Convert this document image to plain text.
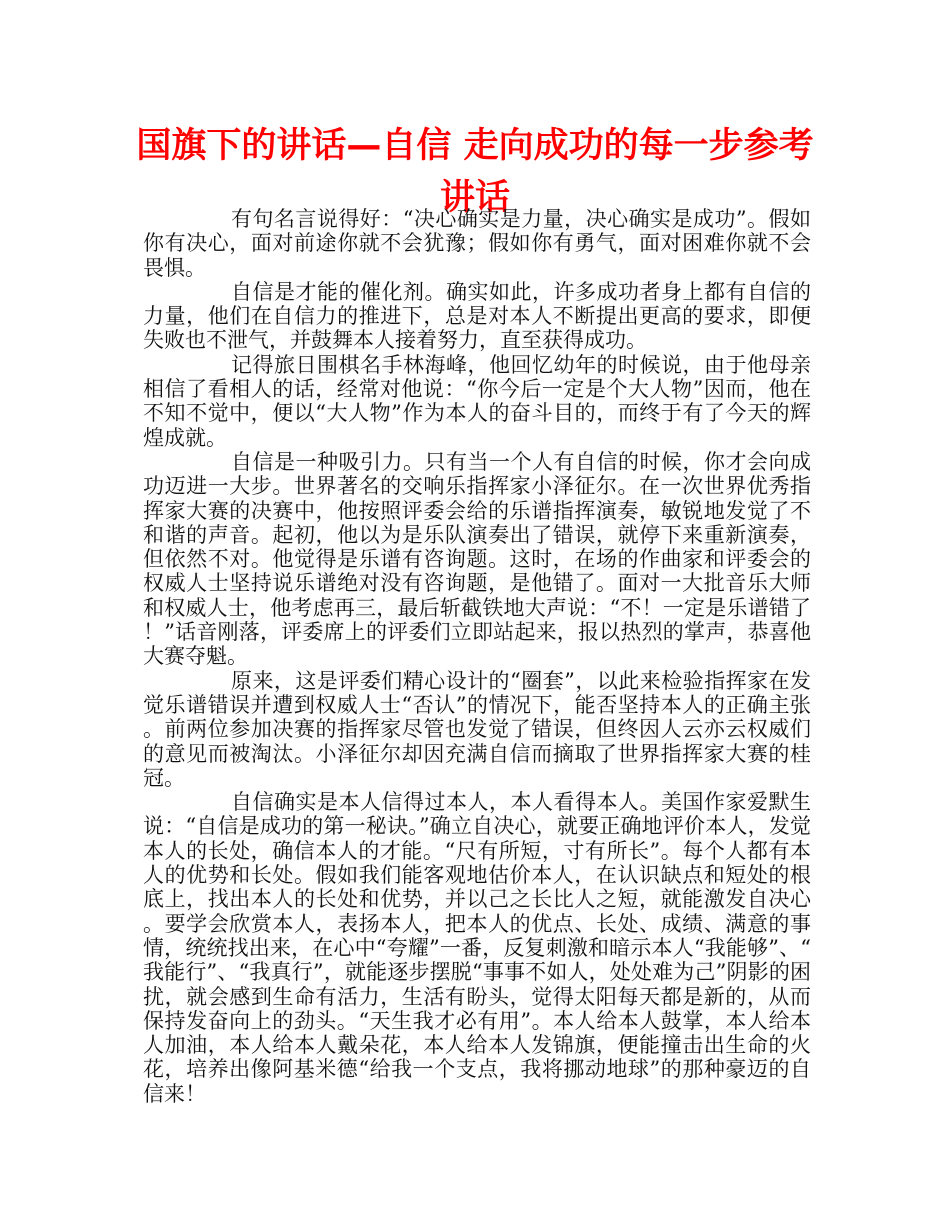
国旗下的讲话—自信 走向成功的每一步参考讲话

有句名言说得好：“决心确实是力量，决心确实是成功”。假如你有决心，面对前途你就不会犹豫；假如你有勇气，面对困难你就不会畏惧。

自信是才能的催化剂。确实如此，许多成功者身上都有自信的力量，他们在自信力的推进下，总是对本人不断提出更高的要求，即便失败也不泄气，并鼓舞本人接着努力，直至获得成功。

记得旅日围棋名手林海峰，他回忆幼年的时候说，由于他母亲相信了看相人的话，经常对他说：“你今后一定是个大人物”因而，他在不知不觉中，便以“大人物”作为本人的奋斗目的，而终于有了今天的辉煌成就。

自信是一种吸引力。只有当一个人有自信的时候，你才会向成功迈进一大步。世界著名的交响乐指挥家小泽征尔。在一次世界优秀指挥家大赛的决赛中，他按照评委会给的乐谱指挥演奏，敏锐地发觉了不和谐的声音。起初，他以为是乐队演奏出了错误，就停下来重新演奏，但依然不对。他觉得是乐谱有咨询题。这时，在场的作曲家和评委会的权威人士坚持说乐谱绝对没有咨询题，是他错了。面对一大批音乐大师和权威人士，他考虑再三，最后斩截铁地大声说：“不！一定是乐谱错了！”话音刚落，评委席上的评委们立即站起来，报以热烈的掌声，恭喜他大赛夺魁。

原来，这是评委们精心设计的“圈套”，以此来检验指挥家在发觉乐谱错误并遭到权威人士“否认”的情况下，能否坚持本人的正确主张。前两位参加决赛的指挥家尽管也发觉了错误，但终因人云亦云权威们的意见而被淘汰。小泽征尔却因充满自信而摘取了世界指挥家大赛的桂冠。

自信确实是本人信得过本人，本人看得本人。美国作家爱默生说：“自信是成功的第一秘诀。”确立自决心，就要正确地评价本人，发觉本人的长处，确信本人的才能。“尺有所短，寸有所长”。每个人都有本人的优势和长处。假如我们能客观地估价本人，在认识缺点和短处的根底上，找出本人的长处和优势，并以己之长比人之短，就能激发自决心。要学会欣赏本人，表扬本人，把本人的优点、长处、成绩、满意的事情，统统找出来，在心中“夸耀”一番，反复刺激和暗示本人“我能够”、“我能行”、“我真行”，就能逐步摆脱“事事不如人，处处难为己”阴影的困扰，就会感到生命有活力，生活有盼头，觉得太阳每天都是新的，从而保持发奋向上的劲头。“天生我才必有用”。本人给本人鼓掌，本人给本人加油，本人给本人戴朵花，本人给本人发锦旗，便能撞击出生命的火花，培养出像阿基米德“给我一个支点，我将挪动地球”的那种豪迈的自信来！
